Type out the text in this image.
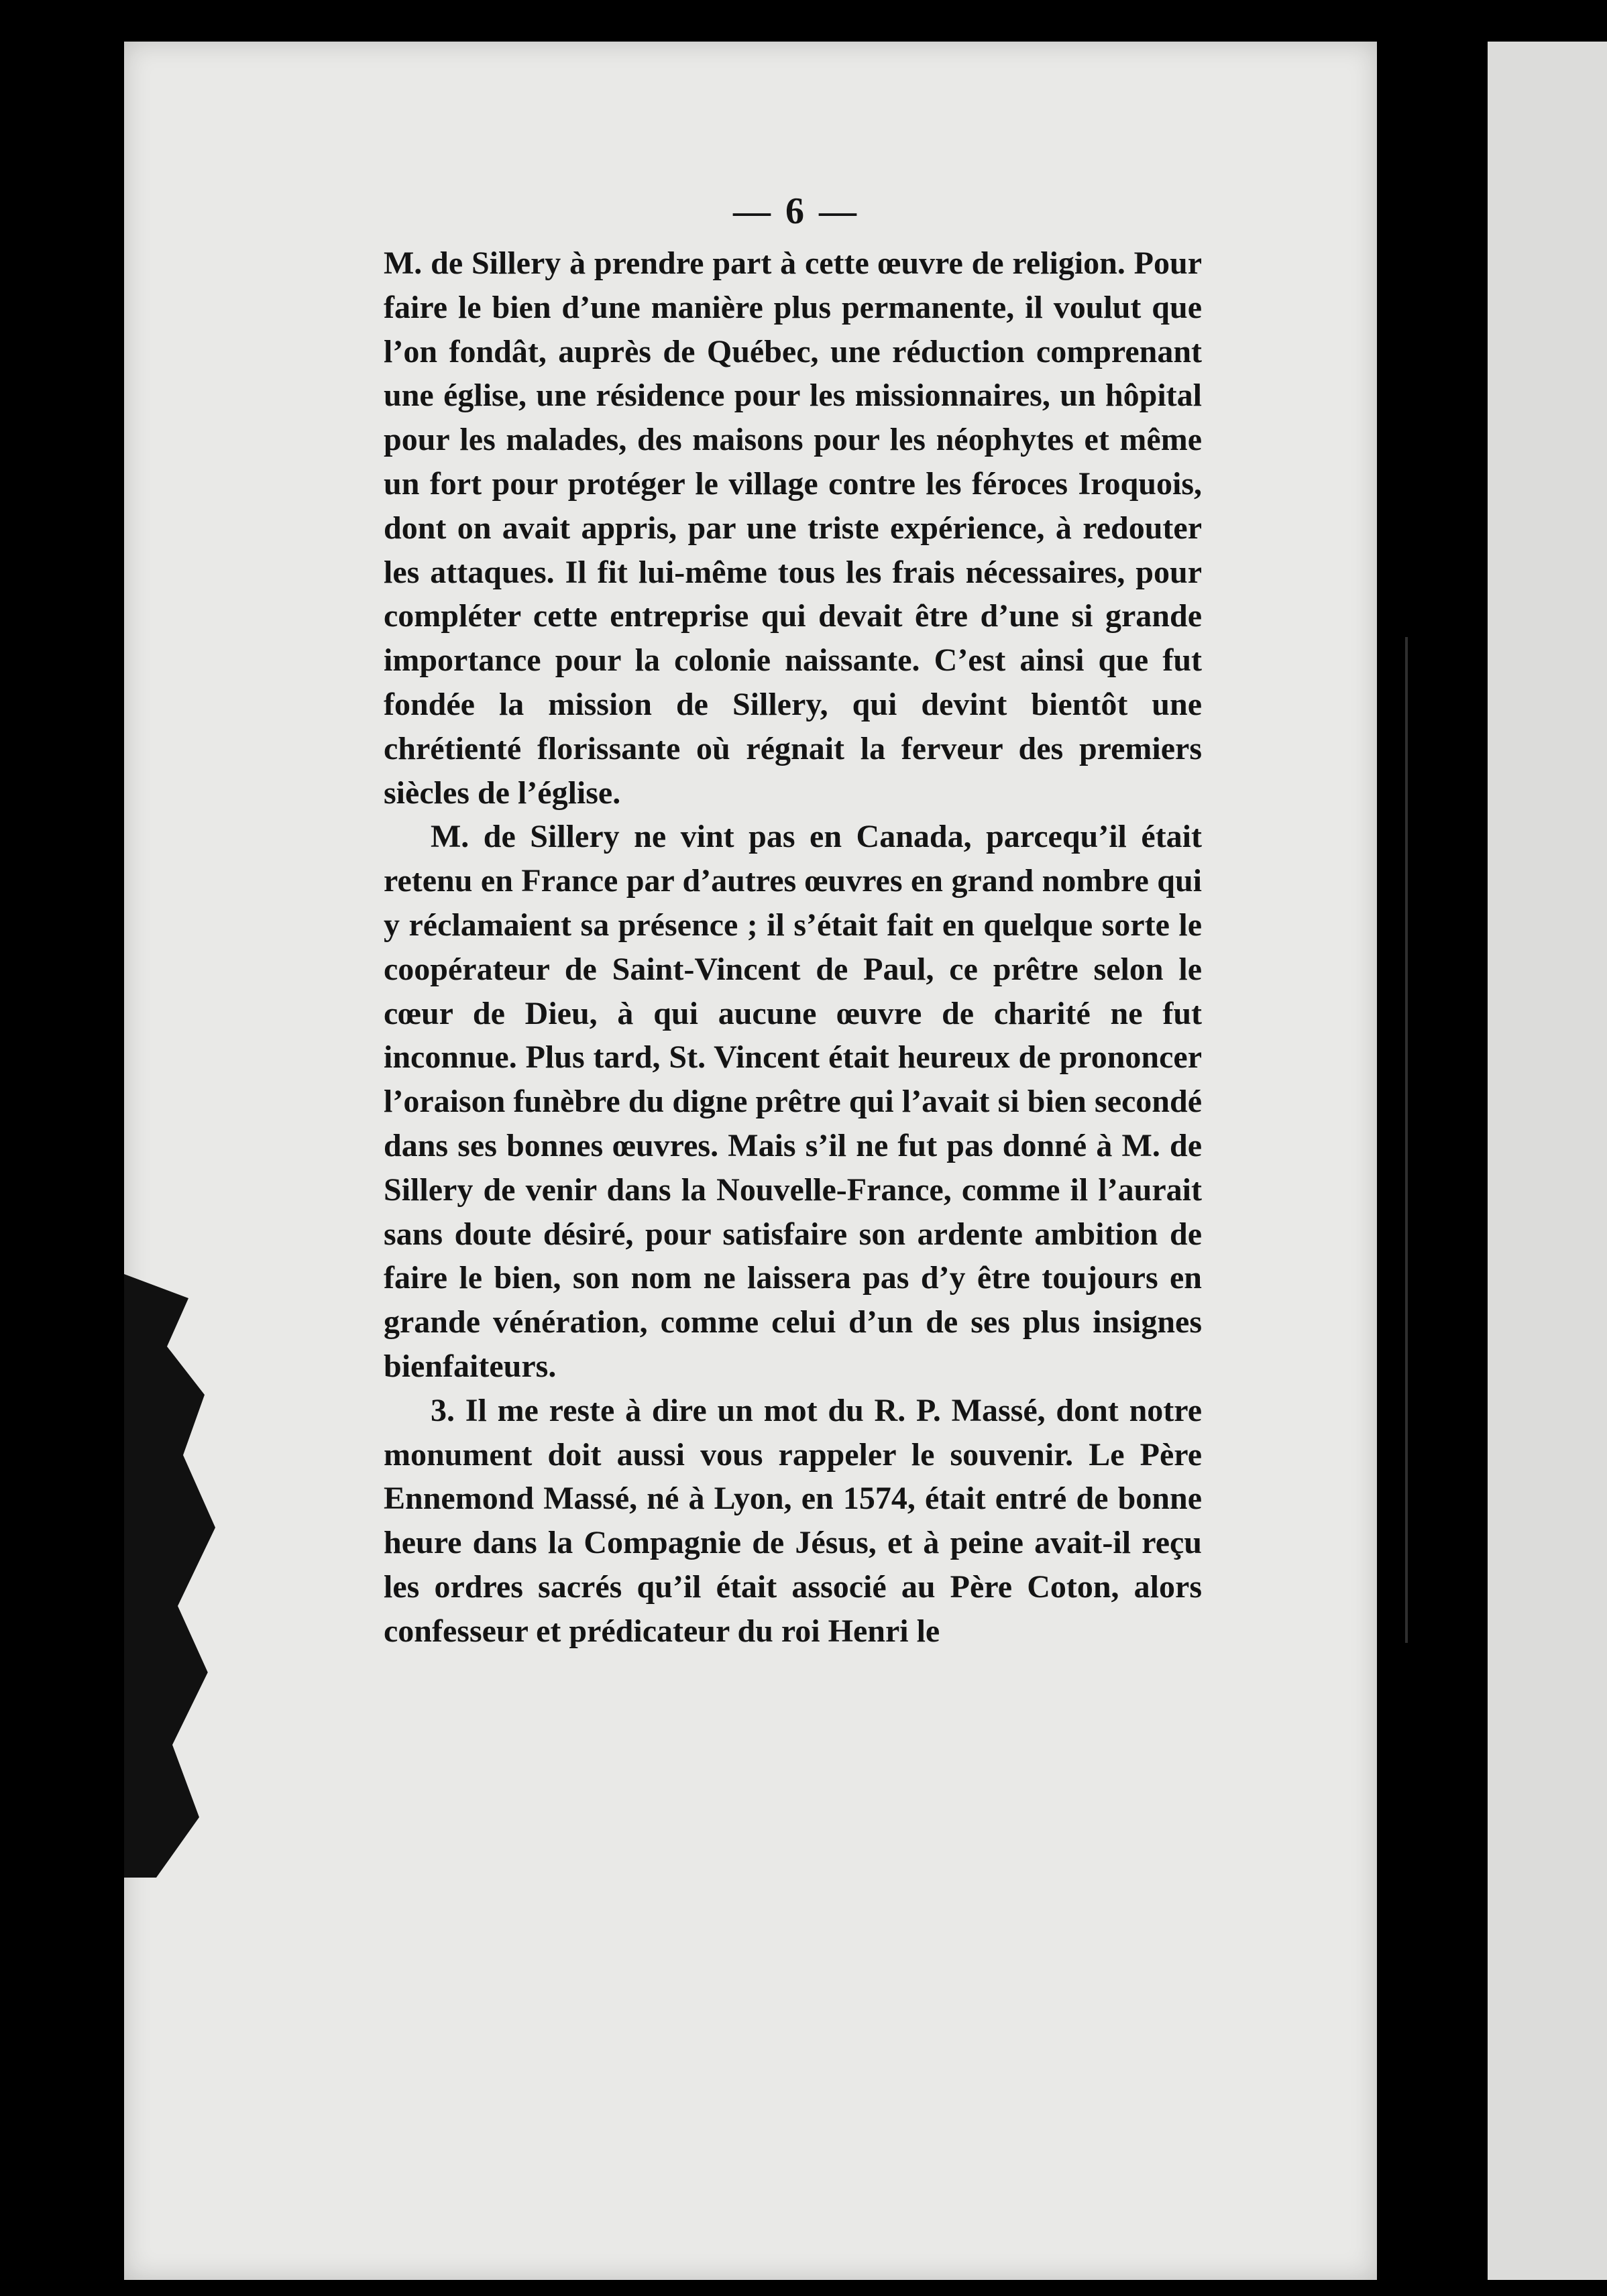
— 6 —

M. de Sillery à prendre part à cette œuvre de religion. Pour faire le bien d’une manière plus permanente, il voulut que l’on fondât, auprès de Québec, une réduction comprenant une église, une résidence pour les missionnaires, un hôpital pour les malades, des maisons pour les néophytes et même un fort pour protéger le village contre les féroces Iroquois, dont on avait appris, par une triste expérience, à redouter les attaques. Il fit lui-même tous les frais nécessaires, pour compléter cette entreprise qui devait être d’une si grande importance pour la colonie naissante. C’est ainsi que fut fondée la mission de Sillery, qui devint bientôt une chrétienté florissante où régnait la ferveur des premiers siècles de l’église.

M. de Sillery ne vint pas en Canada, parcequ’il était retenu en France par d’autres œuvres en grand nombre qui y réclamaient sa présence ; il s’était fait en quelque sorte le coopérateur de Saint-Vincent de Paul, ce prêtre selon le cœur de Dieu, à qui aucune œuvre de charité ne fut inconnue. Plus tard, St. Vincent était heureux de prononcer l’oraison funèbre du digne prêtre qui l’avait si bien secondé dans ses bonnes œuvres. Mais s’il ne fut pas donné à M. de Sillery de venir dans la Nouvelle-France, comme il l’aurait sans doute désiré, pour satisfaire son ardente ambition de faire le bien, son nom ne laissera pas d’y être toujours en grande vénération, comme celui d’un de ses plus insignes bienfaiteurs.

3. Il me reste à dire un mot du R. P. Massé, dont notre monument doit aussi vous rappeler le souvenir. Le Père Ennemond Massé, né à Lyon, en 1574, était entré de bonne heure dans la Compagnie de Jésus, et à peine avait-il reçu les ordres sacrés qu’il était associé au Père Coton, alors confesseur et prédicateur du roi Henri le
